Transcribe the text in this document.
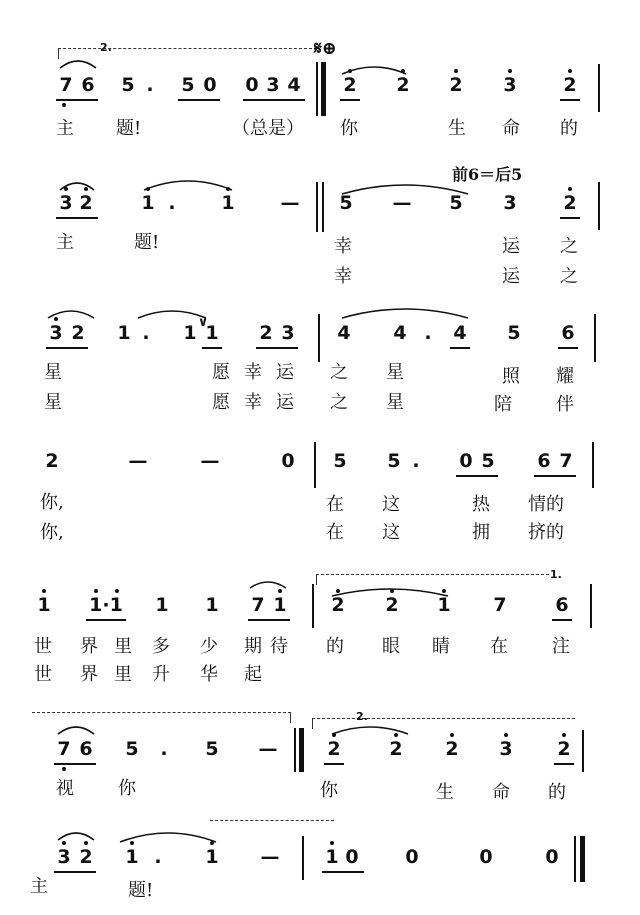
2.	𝄋⊕
7 6 5 . 5 0 0 3 4 2 2 2 3 2
主 题!	（总是） 你	生 命 的
前6＝后5
3 2	1 . 1 — 5 — 5 3 2
主	题!	幸	运 之
幸	运 之
3 2 1 . 1 ∨
1 2 3 4 4 . 4 5 6
星	愿 幸 运 之 星	照 耀
星	愿 幸 运 之 星	陪 伴
2	—	—	0 5 5 . 0 5 6 7
你,	在 这	热 情的
你,	在 这	拥 挤的
1.
1 1·1 1 1 7 1 2 2 1 7	6
世 界 里 多 少 期 待 的 眼 睛 在 注
世 界 里 升 华 起
2.
7 6 5 . 5 —	2	2 2 3 2
视 你	你	生 命 的
3 2 1 . 1 — 1 0 0	0	0
主	题!
